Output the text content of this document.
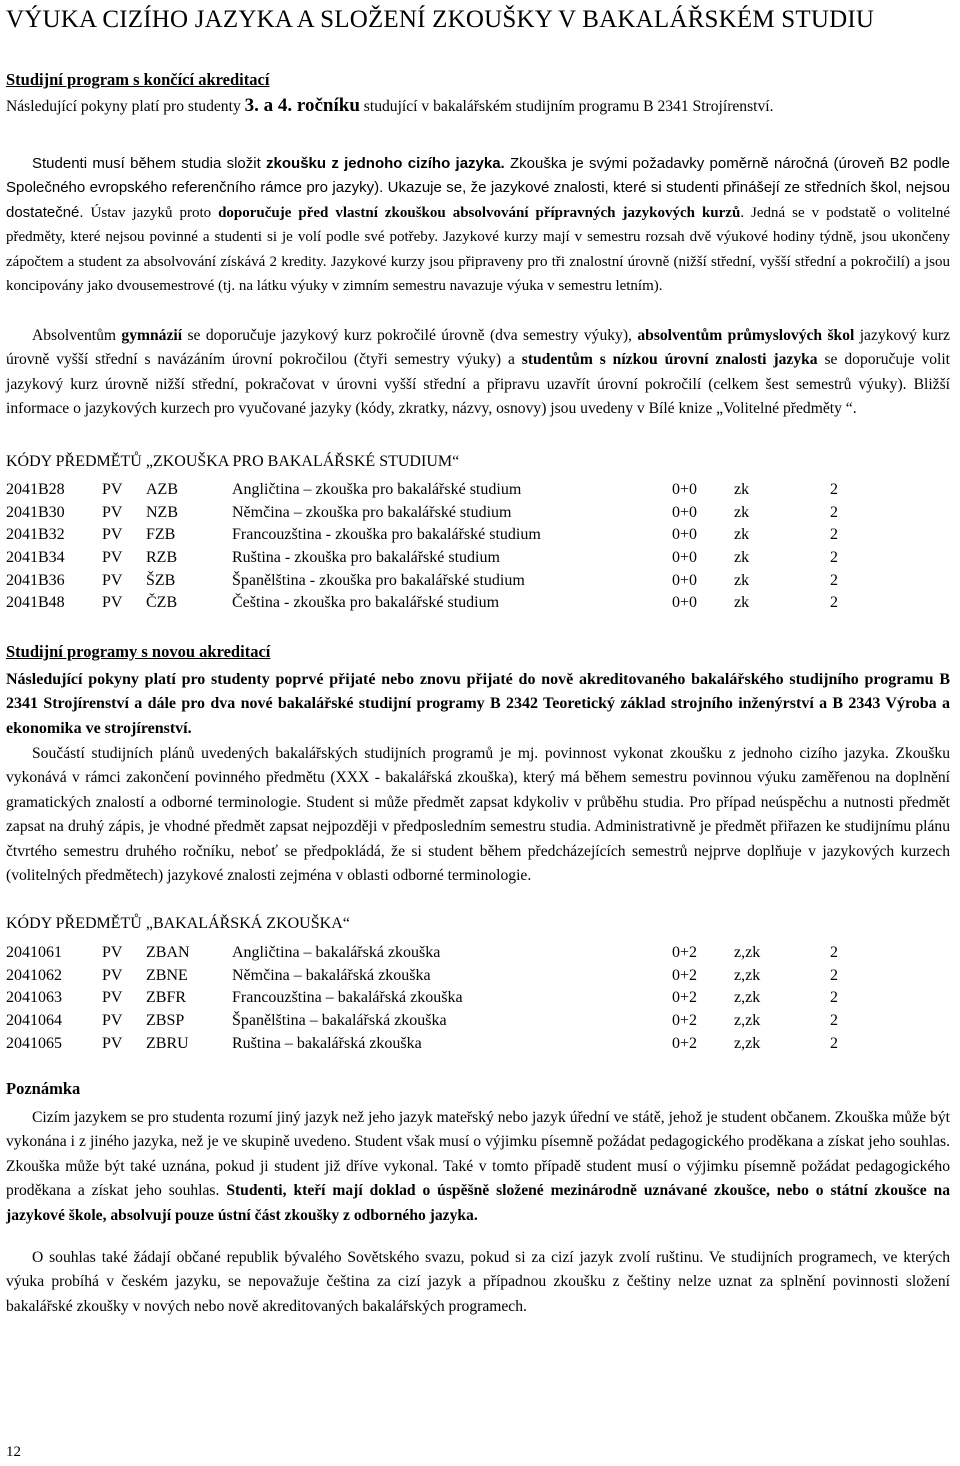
VÝUKA CIZÍHO JAZYKA A SLOŽENÍ ZKOUŠKY V BAKALÁŘSKÉM STUDIU
Studijní program s končící akreditací
Následující pokyny platí pro studenty 3. a 4. ročníku studující v bakalářském studijním programu B 2341 Strojírenství.
Studenti musí během studia složit zkoušku z jednoho cizího jazyka. Zkouška je svými požadavky poměrně náročná (úroveň B2 podle Společného evropského referenčního rámce pro jazyky). Ukazuje se, že jazykové znalosti, které si studenti přinášejí ze středních škol, nejsou dostatečné. Ústav jazyků proto doporučuje před vlastní zkouškou absolvování přípravných jazykových kurzů. Jedná se v podstatě o volitelné předměty, které nejsou povinné a studenti si je volí podle své potřeby. Jazykové kurzy mají v semestru rozsah dvě výukové hodiny týdně, jsou ukončeny zápočtem a student za absolvování získává 2 kredity. Jazykové kurzy jsou připraveny pro tři znalostní úrovně (nižší střední, vyšší střední a pokročilí) a jsou koncipovány jako dvousemestrové (tj. na látku výuky v zimním semestru navazuje výuka v semestru letním).
Absolventům gymnázií se doporučuje jazykový kurz pokročilé úrovně (dva semestry výuky), absolventům průmyslových škol jazykový kurz úrovně vyšší střední s navázáním úrovní pokročilou (čtyři semestry výuky) a studentům s nízkou úrovní znalosti jazyka se doporučuje volit jazykový kurz úrovně nižší střední, pokračovat v úrovni vyšší střední a připravu uzavřít úrovní pokročilí (celkem šest semestrů výuky). Bližší informace o jazykových kurzech pro vyučované jazyky (kódy, zkratky, názvy, osnovy) jsou uvedeny v Bílé knize „Volitelné předměty “.
KÓDY PŘEDMĚTŮ „ZKOUŠKA PRO BAKALÁŘSKÉ STUDIUM“
2041B28	PV	AZB	Angličtina – zkouška pro bakalářské studium	0+0	zk	2
2041B30	PV	NZB	Němčina – zkouška pro bakalářské studium	0+0	zk	2
2041B32	PV	FZB	Francouzština - zkouška pro bakalářské studium	0+0	zk	2
2041B34	PV	RZB	Ruština - zkouška pro bakalářské studium	0+0	zk	2
2041B36	PV	ŠZB	Španělština - zkouška pro bakalářské studium	0+0	zk	2
2041B48	PV	ČZB	Čeština - zkouška pro bakalářské studium	0+0	zk	2
Studijní programy s novou akreditací
Následující pokyny platí pro studenty poprvé přijaté nebo znovu přijaté do nově akreditovaného bakalářského studijního programu B 2341 Strojírenství a dále pro dva nové bakalářské studijní programy B 2342 Teoretický základ strojního inženýrství a B 2343 Výroba a ekonomika ve strojírenství.
Součástí studijních plánů uvedených bakalářských studijních programů je mj. povinnost vykonat zkoušku z jednoho cizího jazyka. Zkoušku vykonává v rámci zakončení povinného předmětu (XXX - bakalářská zkouška), který má během semestru povinnou výuku zaměřenou na doplnění gramatických znalostí a odborné terminologie. Student si může předmět zapsat kdykoliv v průběhu studia. Pro případ neúspěchu a nutnosti předmět zapsat na druhý zápis, je vhodné předmět zapsat nejpozději v předposledním semestru studia. Administrativně je předmět přiřazen ke studijnímu plánu čtvrtého semestru druhého ročníku, neboť se předpokládá, že si student během předcházejících semestrů nejprve doplňuje v jazykových kurzech (volitelných předmětech) jazykové znalosti zejména v oblasti odborné terminologie.
KÓDY PŘEDMĚTŮ „BAKALÁŘSKÁ ZKOUŠKA“
2041061	PV	ZBAN	Angličtina – bakalářská zkouška	0+2	z,zk	2
2041062	PV	ZBNE	Němčina – bakalářská zkouška	0+2	z,zk	2
2041063	PV	ZBFR	Francouzština – bakalářská zkouška	0+2	z,zk	2
2041064	PV	ZBSP	Španělština – bakalářská zkouška	0+2	z,zk	2
2041065	PV	ZBRU	Ruština – bakalářská zkouška	0+2	z,zk	2
Poznámka
Cizím jazykem se pro studenta rozumí jiný jazyk než jeho jazyk mateřský nebo jazyk úřední ve státě, jehož je student občanem. Zkouška může být vykonána i z jiného jazyka, než je ve skupině uvedeno. Student však musí o výjimku písemně požádat pedagogického proděkana a získat jeho souhlas. Zkouška může být také uznána, pokud ji student již dříve vykonal. Také v tomto případě student musí o výjimku písemně požádat pedagogického proděkana a získat jeho souhlas. Studenti, kteří mají doklad o úspěšně složené mezinárodně uznávané zkoušce, nebo o státní zkoušce na jazykové škole, absolvují pouze ústní část zkoušky z odborného jazyka.
O souhlas také žádají občané republik bývalého Sovětského svazu, pokud si za cizí jazyk zvolí ruštinu. Ve studijních programech, ve kterých výuka probíhá v českém jazyku, se nepovažuje čeština za cizí jazyk a případnou zkoušku z češtiny nelze uznat za splnění povinnosti složení bakalářské zkoušky v nových nebo nově akreditovaných bakalářských programech.
12
